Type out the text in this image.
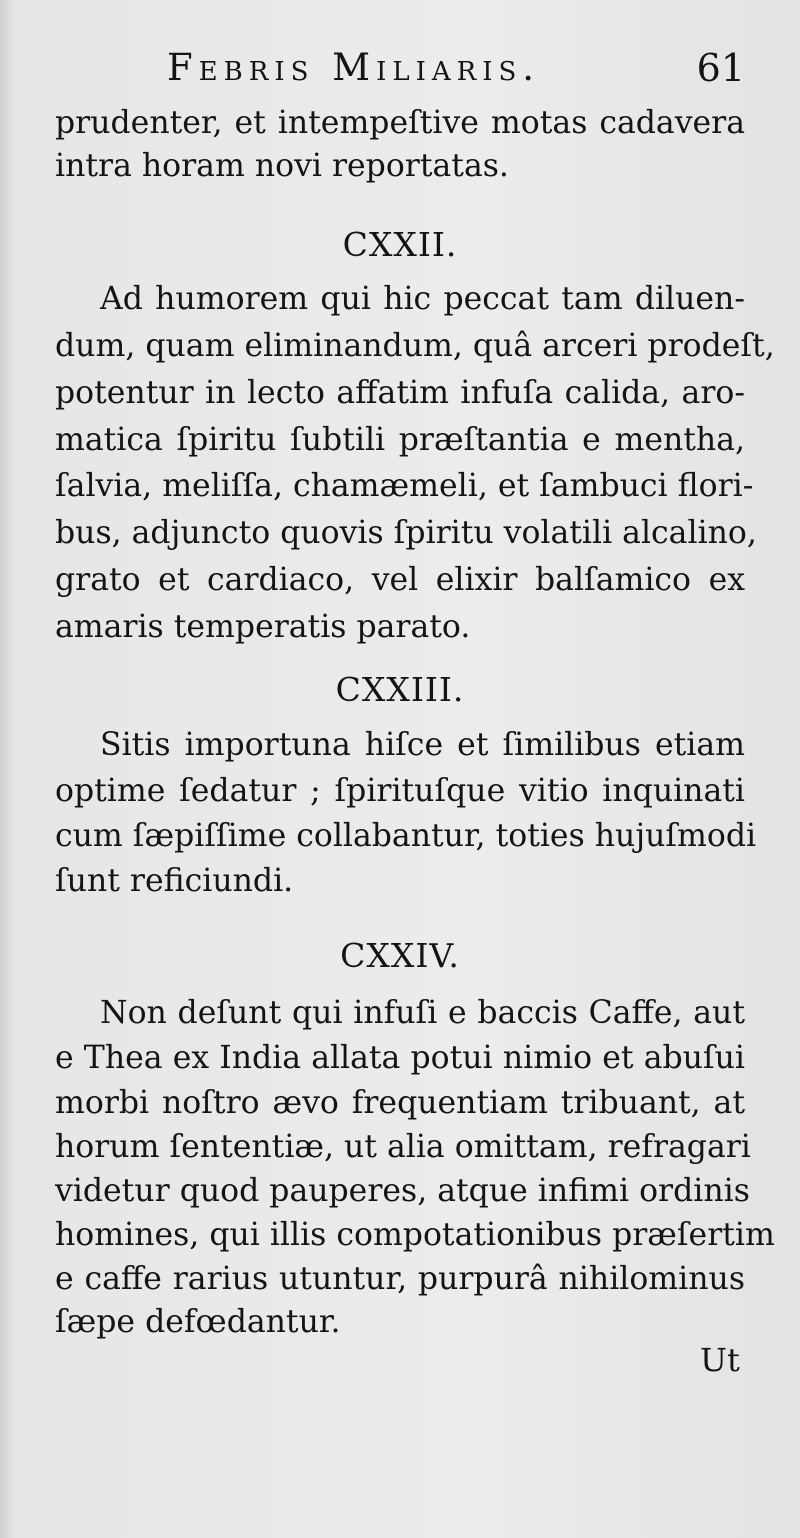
Febris Miliaris.	61
prudenter, et intempeſtive motas cadavera
intra horam novi reportatas.
CXXII.
Ad humorem qui hic peccat tam diluen-
dum, quam eliminandum, quâ arceri prodeſt,
potentur in lecto affatim infuſa calida, aro-
matica ſpiritu ſubtili præſtantia e mentha,
ſalvia, meliſſa, chamæmeli, et ſambuci flori-
bus, adjuncto quovis ſpiritu volatili alcalino,
grato et cardiaco, vel elixir balſamico ex
amaris temperatis parato.
CXXIII.
Sitis importuna hiſce et ſimilibus etiam
optime ſedatur ; ſpirituſque vitio inquinati
cum ſæpiſſime collabantur, toties hujuſmodi
ſunt reficiundi.
CXXIV.
Non deſunt qui infuſi e baccis Caffe, aut
e Thea ex India allata potui nimio et abuſui
morbi noſtro ævo frequentiam tribuant, at
horum ſententiæ, ut alia omittam, refragari
videtur quod pauperes, atque infimi ordinis
homines, qui illis compotationibus præſertim
e caffe rarius utuntur, purpurâ nihilominus
ſæpe defœdantur.
Ut
